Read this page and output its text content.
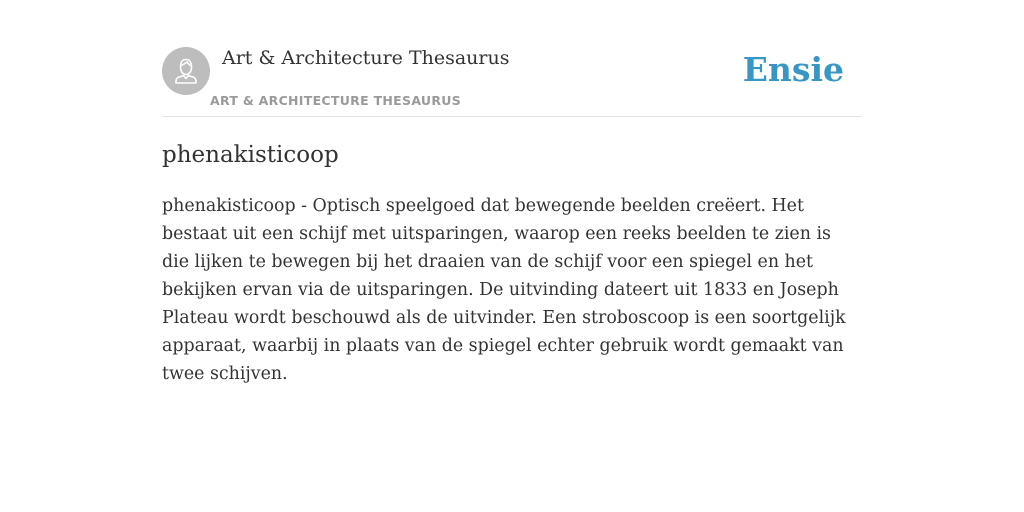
Art & Architecture Thesaurus
ART & ARCHITECTURE THESAURUS
Ensie
phenakisticoop

phenakisticoop - Optisch speelgoed dat bewegende beelden creëert. Het bestaat uit een schijf met uitsparingen, waarop een reeks beelden te zien is die lijken te bewegen bij het draaien van de schijf voor een spiegel en het bekijken ervan via de uitsparingen. De uitvinding dateert uit 1833 en Joseph Plateau wordt beschouwd als de uitvinder. Een stroboscoop is een soortgelijk apparaat, waarbij in plaats van de spiegel echter gebruik wordt gemaakt van twee schijven.
